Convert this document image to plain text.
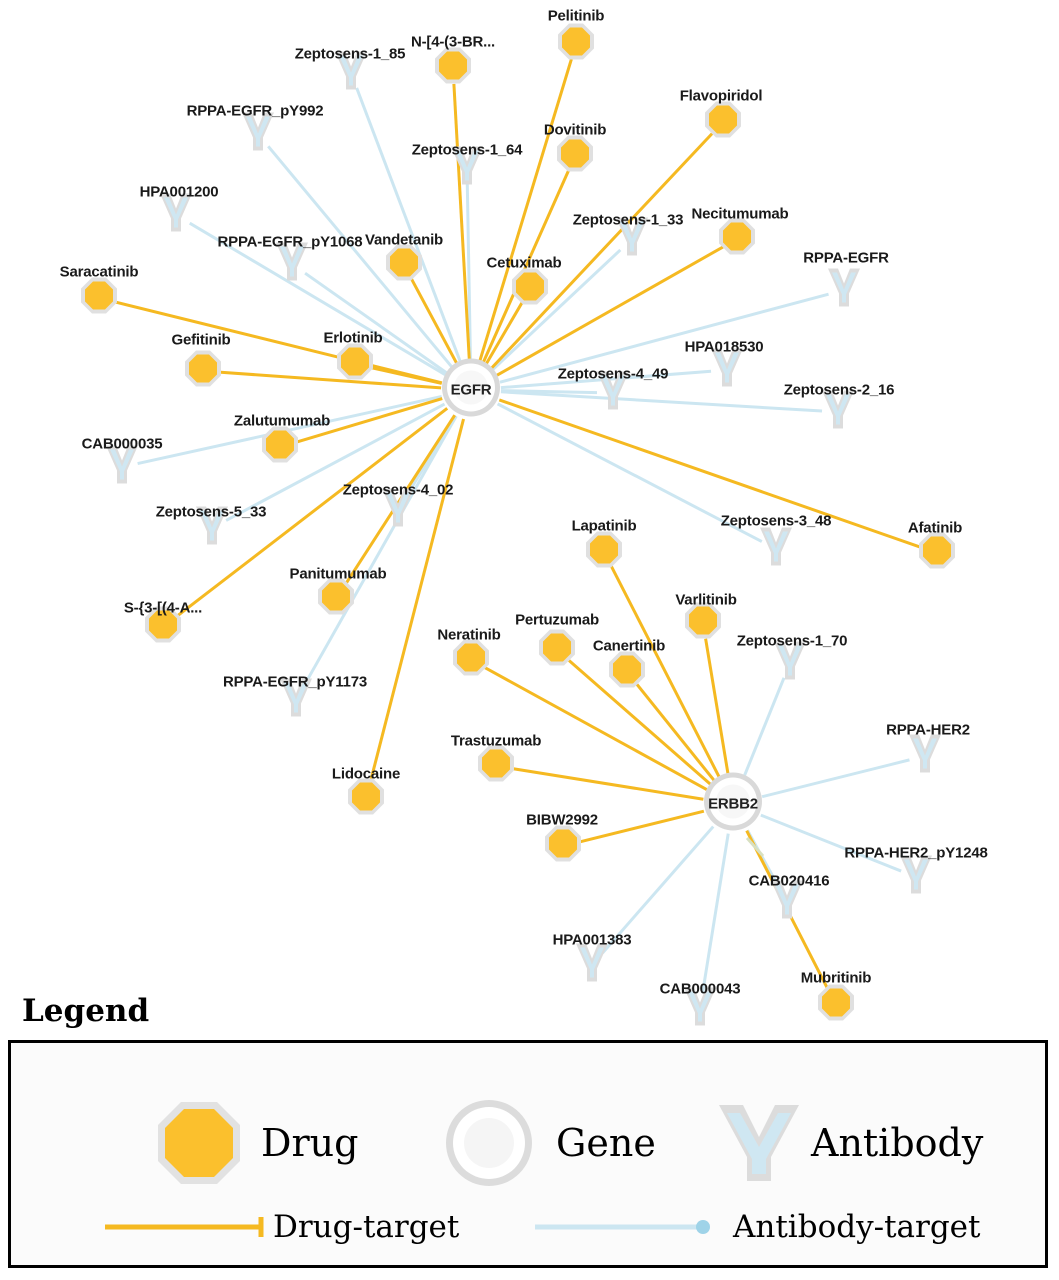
Zeptosens-1_85
RPPA-EGFR_pY992
Zeptosens-1_64
HPA001200
Zeptosens-1_33
RPPA-EGFR_pY1068
RPPA-EGFR
HPA018530
Zeptosens-4_49
Zeptosens-2_16
CAB000035
Zeptosens-5_33
Zeptosens-4_02
Zeptosens-3_48
Zeptosens-1_70
RPPA-EGFR_pY1173
RPPA-HER2
RPPA-HER2_pY1248
CAB020416
HPA001383
CAB000043
Pelitinib
N-[4-(3-BR...
Flavopiridol
Dovitinib
Necitumumab
Vandetanib
Cetuximab
Saracatinib
Erlotinib
Gefitinib
Zalutumumab
Afatinib
Lapatinib
Panitumumab
S-{3-[(4-A...	Varlitinib
Pertuzumab
Neratinib
Canertinib
Trastuzumab
Lidocaine
BIBW2992
Mubritinib
EGFR
ERBB2
Legend
Drug	Gene	Antibody
Drug-target	Antibody-target
